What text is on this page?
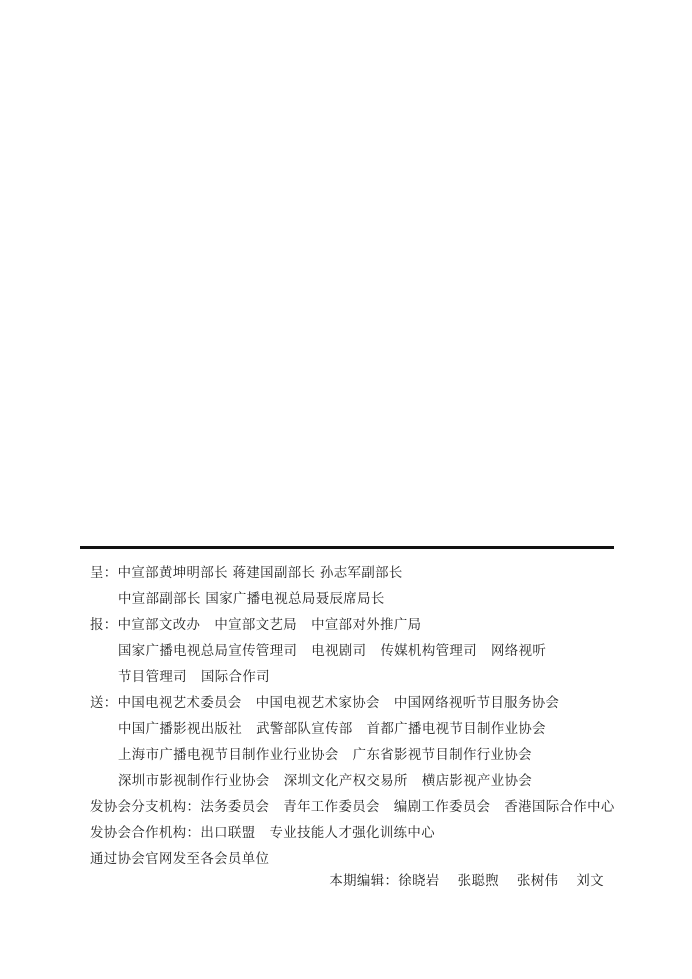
呈：中宣部黄坤明部长 蒋建国副部长 孙志军副部长
中宣部副部长 国家广播电视总局聂辰席局长
报：中宣部文改办 中宣部文艺局 中宣部对外推广局
国家广播电视总局宣传管理司 电视剧司 传媒机构管理司 网络视听
节目管理司 国际合作司
送：中国电视艺术委员会 中国电视艺术家协会 中国网络视听节目服务协会
中国广播影视出版社 武警部队宣传部 首都广播电视节目制作业协会
上海市广播电视节目制作业行业协会 广东省影视节目制作行业协会
深圳市影视制作行业协会 深圳文化产权交易所 横店影视产业协会
发协会分支机构：法务委员会 青年工作委员会 编剧工作委员会 香港国际合作中心
发协会合作机构：出口联盟 专业技能人才强化训练中心
通过协会官网发至各会员单位
本期编辑：徐晓岩 张聪煦 张树伟 刘文
